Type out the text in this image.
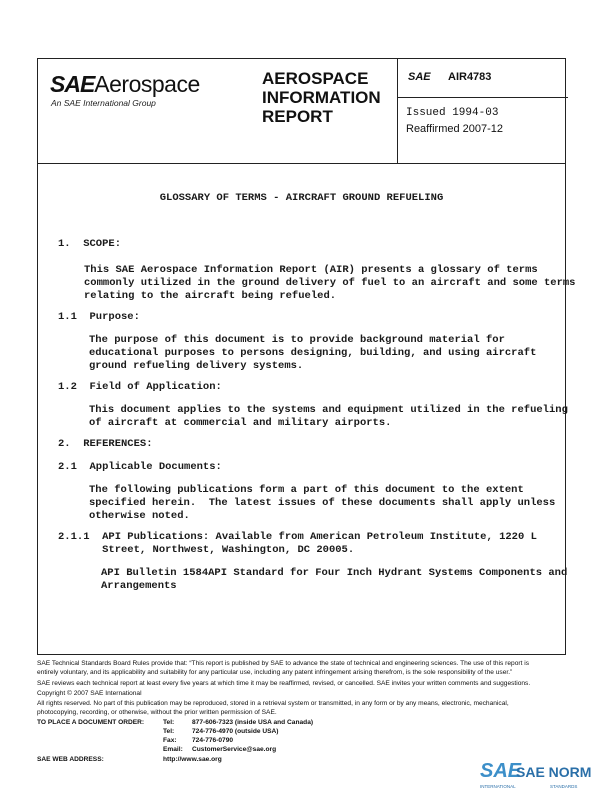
SAEAerospace
An SAE International Group
AEROSPACE
INFORMATION
REPORT
SAE AIR4783
Issued 1994-03
Reaffirmed 2007-12
GLOSSARY OF TERMS - AIRCRAFT GROUND REFUELING
1.  SCOPE:
This SAE Aerospace Information Report (AIR) presents a glossary of terms
commonly utilized in the ground delivery of fuel to an aircraft and some terms
relating to the aircraft being refueled.
1.1  Purpose:
The purpose of this document is to provide background material for
educational purposes to persons designing, building, and using aircraft
ground refueling delivery systems.
1.2  Field of Application:
This document applies to the systems and equipment utilized in the refueling
of aircraft at commercial and military airports.
2.  REFERENCES:
2.1  Applicable Documents:
The following publications form a part of this document to the extent
specified herein.  The latest issues of these documents shall apply unless
otherwise noted.
2.1.1  API Publications: Available from American Petroleum Institute, 1220 L
Street, Northwest, Washington, DC 20005.
API Bulletin 1584API Standard for Four Inch Hydrant Systems Components and
Arrangements
SAE Technical Standards Board Rules provide that: “This report is published by SAE to advance the state of technical and engineering sciences. The use of this report is
entirely voluntary, and its applicability and suitability for any particular use, including any patent infringement arising therefrom, is the sole responsibility of the user.”
SAE reviews each technical report at least every five years at which time it may be reaffirmed, revised, or cancelled. SAE invites your written comments and suggestions.
Copyright © 2007 SAE International
All rights reserved. No part of this publication may be reproduced, stored in a retrieval system or transmitted, in any form or by any means, electronic, mechanical,
photocopying, recording, or otherwise, without the prior written permission of SAE.
TO PLACE A DOCUMENT ORDER:	Tel:	877-606-7323 (inside USA and Canada)
Tel:	724-776-4970 (outside USA)
Fax: 724-776-0790
Email: CustomerService@sae.org
SAE WEB ADDRESS:	http://www.sae.org
SAE
SAE NORM
INTERNATIONAL	STANDARDS
